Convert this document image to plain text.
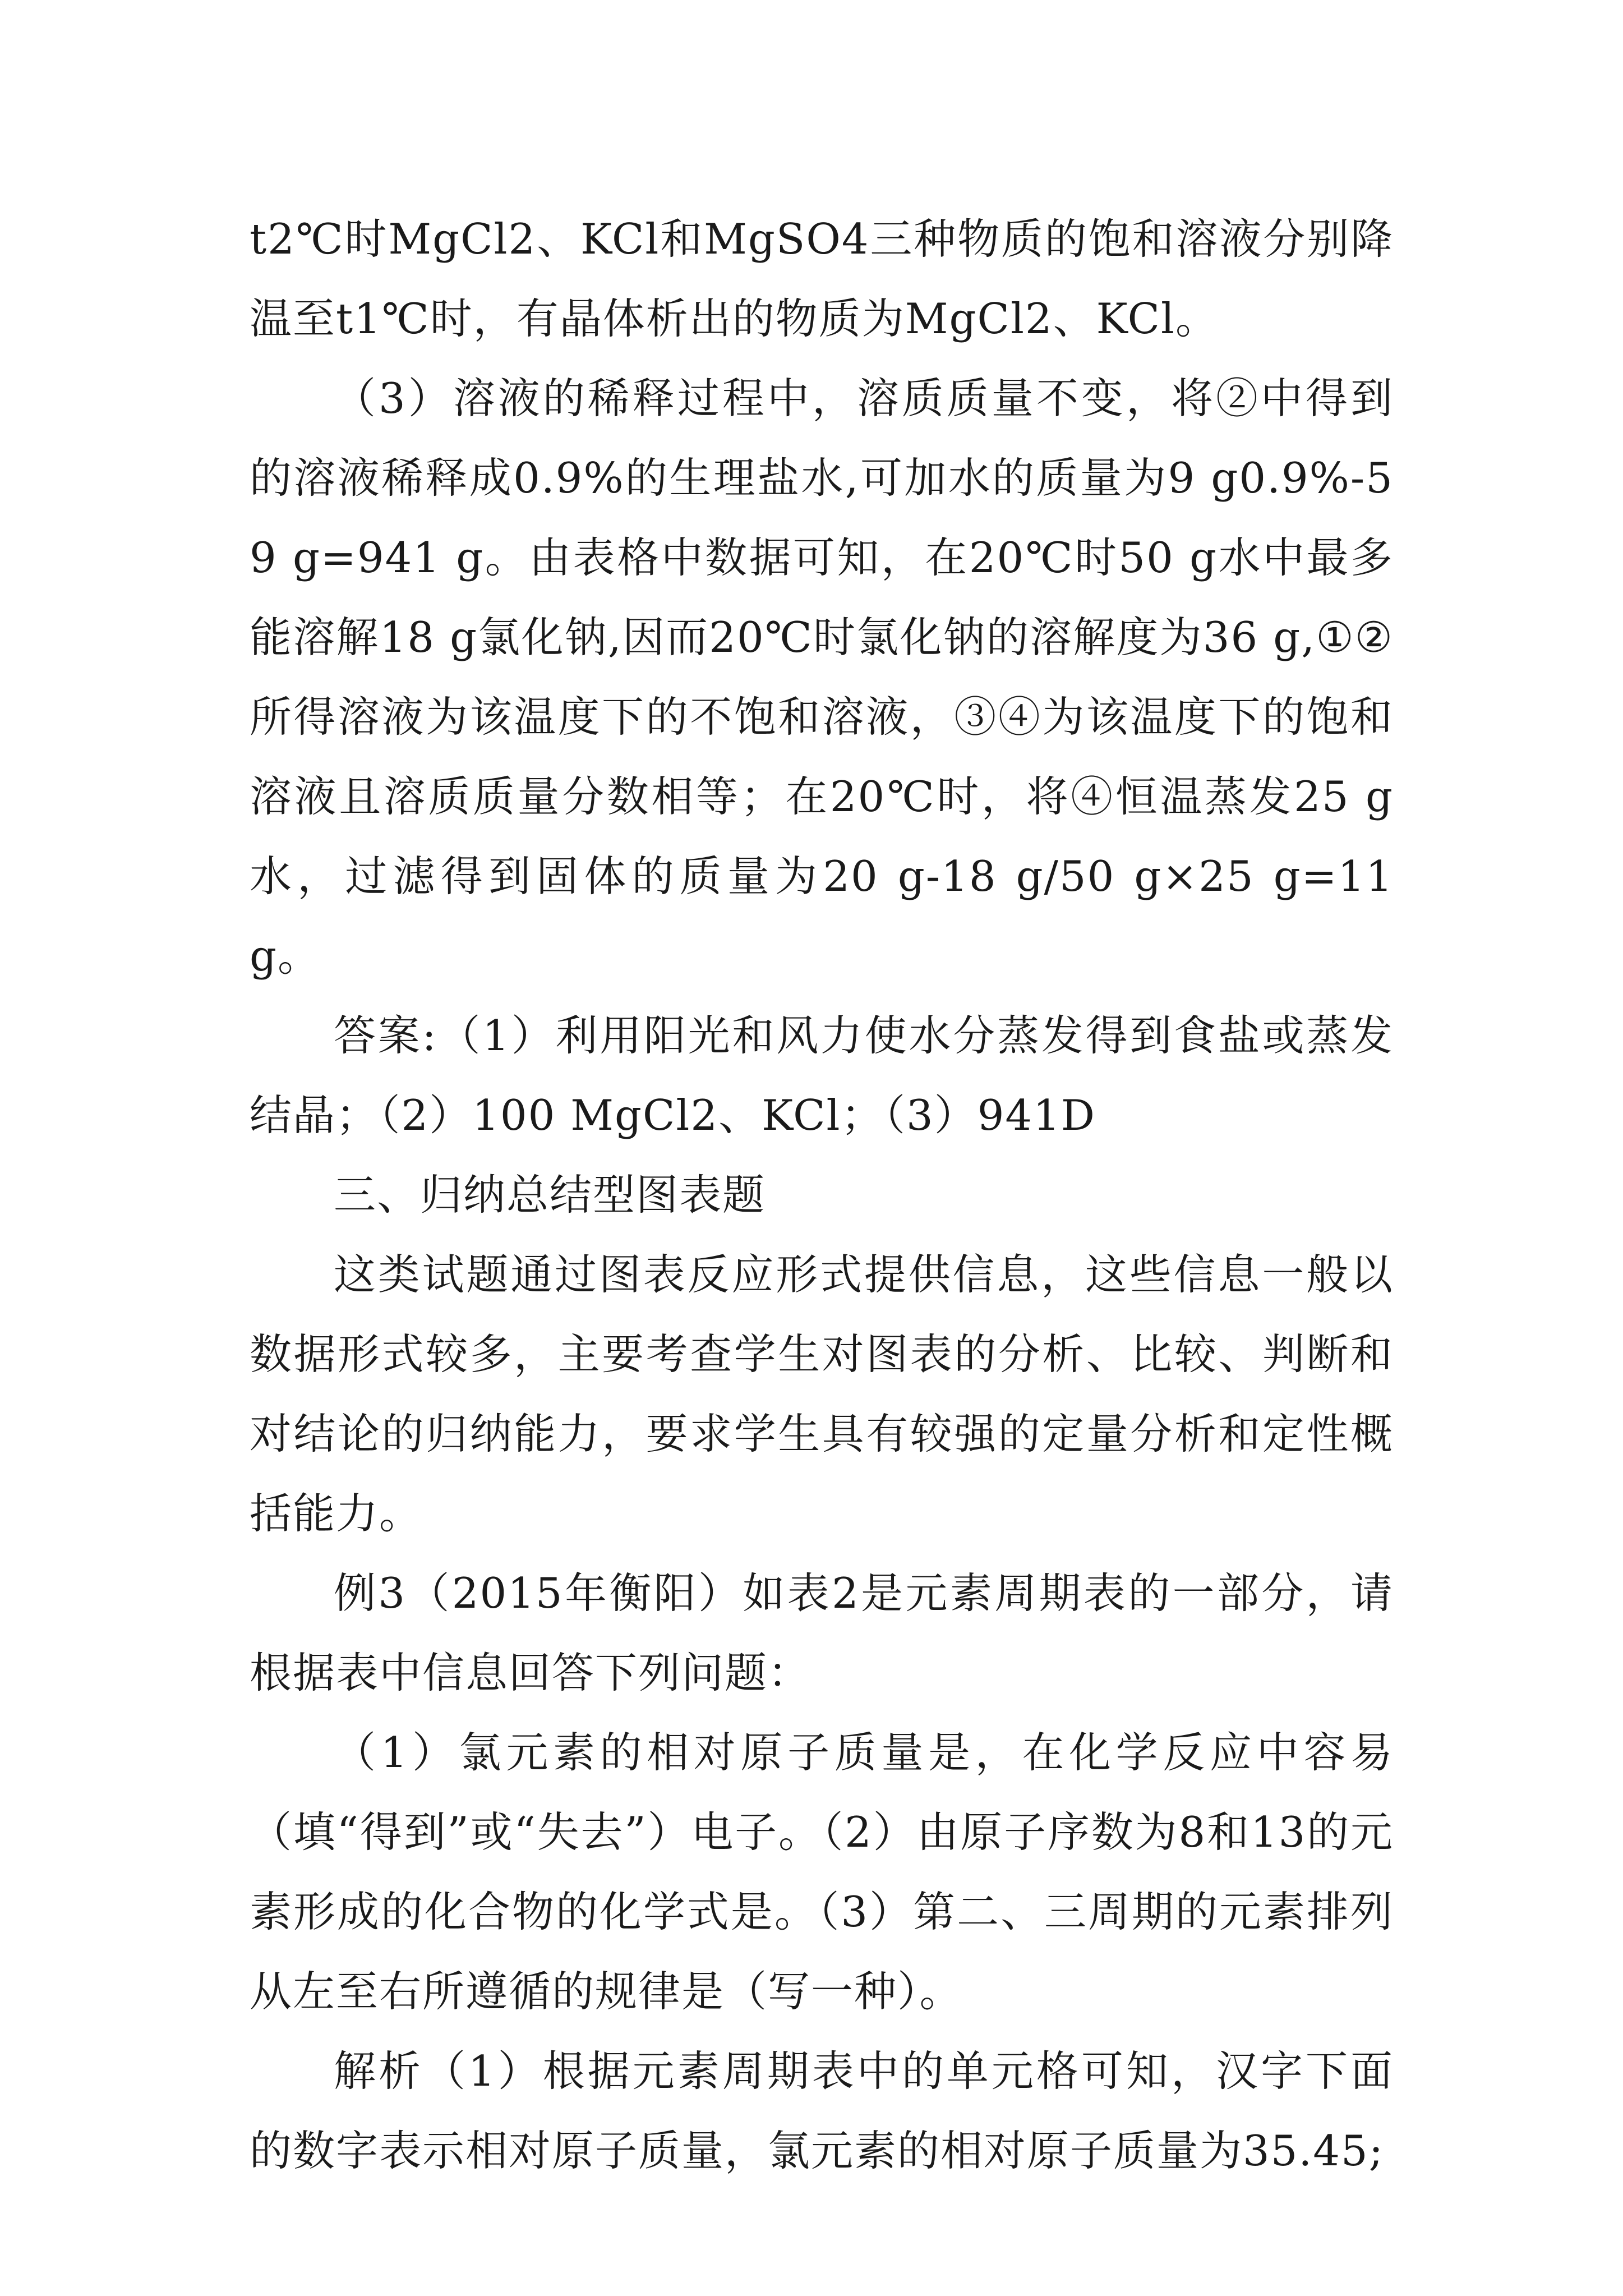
t2℃时MgCl2、KCl和MgSO4三种物质的饱和溶液分别降温至t1℃时，有晶体析出的物质为MgCl2、KCl。

（3）溶液的稀释过程中，溶质质量不变，将②中得到的溶液稀释成0.9%的生理盐水,可加水的质量为9 g0.9%-59 g=941 g。由表格中数据可知，在20℃时50 g水中最多能溶解18 g氯化钠,因而20℃时氯化钠的溶解度为36 g,①②所得溶液为该温度下的不饱和溶液，③④为该温度下的饱和溶液且溶质质量分数相等；在20℃时，将④恒温蒸发25 g水，过滤得到固体的质量为20 g-18 g/50 g×25 g=11 g。

答案:（1）利用阳光和风力使水分蒸发得到食盐或蒸发结晶；（2）100 MgCl2、KCl；（3）941D

三、归纳总结型图表题

这类试题通过图表反应形式提供信息，这些信息一般以数据形式较多，主要考查学生对图表的分析、比较、判断和对结论的归纳能力，要求学生具有较强的定量分析和定性概括能力。

例3（2015年衡阳）如表2是元素周期表的一部分，请根据表中信息回答下列问题：

（1）氯元素的相对原子质量是，在化学反应中容易（填“得到”或“失去”）电子。（2）由原子序数为8和13的元素形成的化合物的化学式是。（3）第二、三周期的元素排列从左至右所遵循的规律是（写一种）。

解析（1）根据元素周期表中的单元格可知，汉字下面的数字表示相对原子质量，氯元素的相对原子质量为35.45;
